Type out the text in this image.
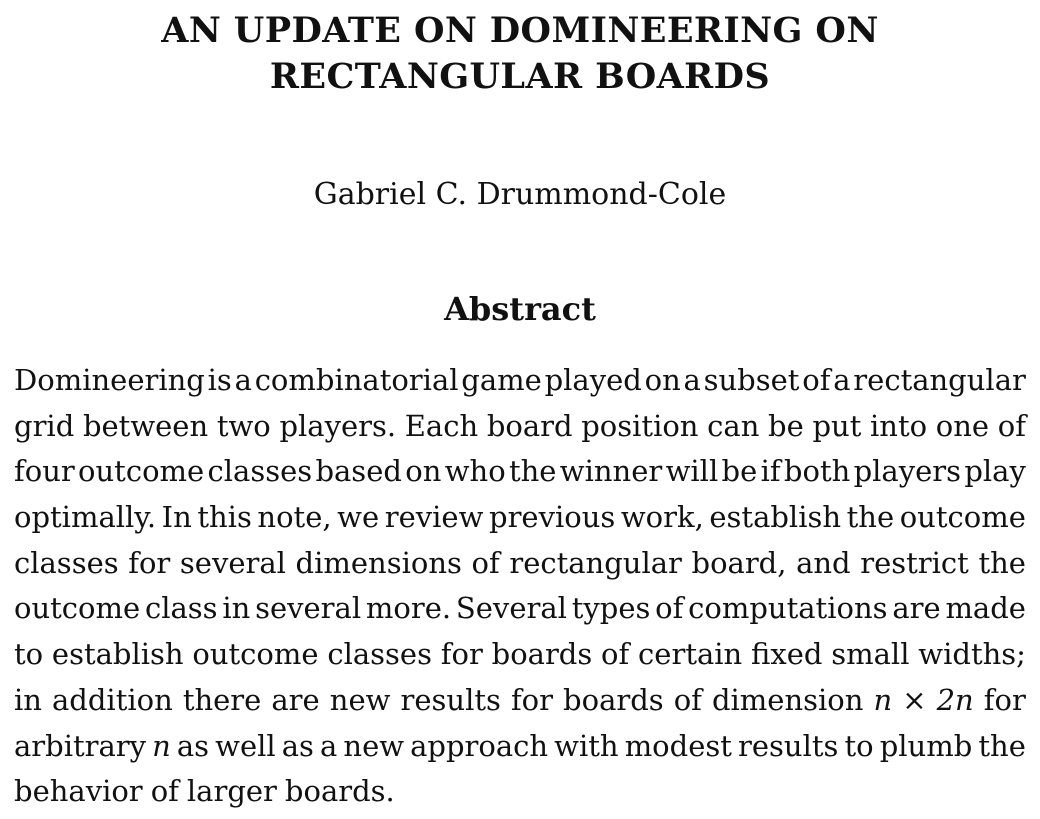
AN UPDATE ON DOMINEERING ON
RECTANGULAR BOARDS

Gabriel C. Drummond-Cole

Abstract
Domineering is a combinatorial game played on a subset of a rectangular
grid between two players. Each board position can be put into one of
four outcome classes based on who the winner will be if both players play
optimally. In this note, we review previous work, establish the outcome
classes for several dimensions of rectangular board, and restrict the
outcome class in several more. Several types of computations are made
to establish outcome classes for boards of certain fixed small widths;
in addition there are new results for boards of dimension n × 2n for
arbitrary n as well as a new approach with modest results to plumb the
behavior of larger boards.
